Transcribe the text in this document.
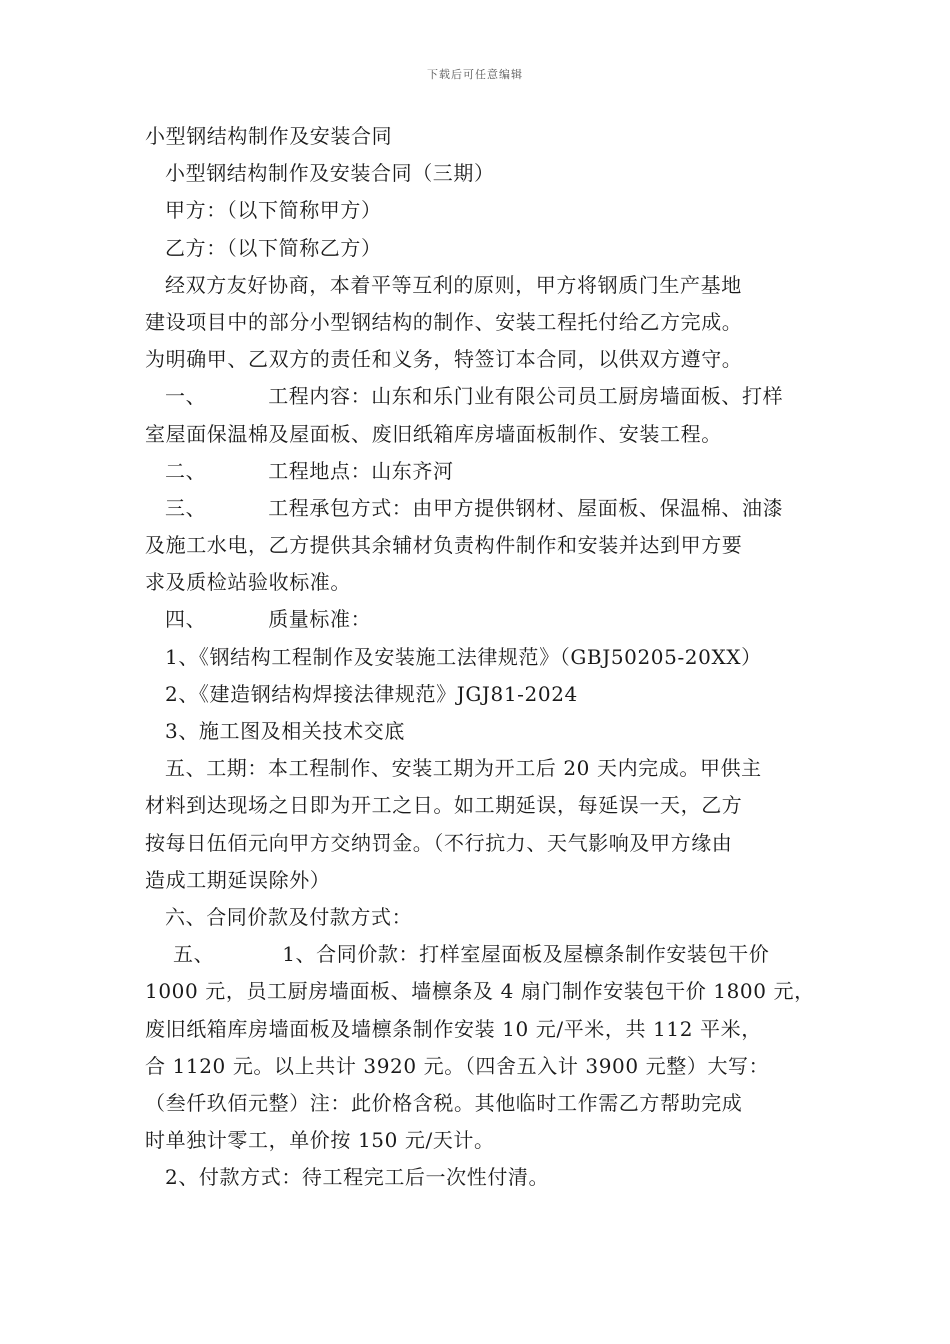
下载后可任意编辑
小型钢结构制作及安装合同
小型钢结构制作及安装合同（三期）
甲方：（以下简称甲方）
乙方：（以下简称乙方）
经双方友好协商，本着平等互利的原则，甲方将钢质门生产基地
建设项目中的部分小型钢结构的制作、安装工程托付给乙方完成。
为明确甲、乙双方的责任和义务，特签订本合同，以供双方遵守。
一、	工程内容：山东和乐门业有限公司员工厨房墙面板、打样
室屋面保温棉及屋面板、废旧纸箱库房墙面板制作、安装工程。
二、	工程地点：山东齐河
三、	工程承包方式：由甲方提供钢材、屋面板、保温棉、油漆
及施工水电，乙方提供其余辅材负责构件制作和安装并达到甲方要
求及质检站验收标准。
四、	质量标准：
1、《钢结构工程制作及安装施工法律规范》（GBJ50205-20XX）
2、《建造钢结构焊接法律规范》JGJ81-2024
3、施工图及相关技术交底
五、工期：本工程制作、安装工期为开工后 20 天内完成。甲供主
材料到达现场之日即为开工之日。如工期延误，每延误一天，乙方
按每日伍佰元向甲方交纳罚金。（不行抗力、天气影响及甲方缘由
造成工期延误除外）
六、合同价款及付款方式：
五、	1、合同价款：打样室屋面板及屋檩条制作安装包干价
1000 元，员工厨房墙面板、墙檩条及 4 扇门制作安装包干价 1800 元，
废旧纸箱库房墙面板及墙檩条制作安装 10 元/平米，共 112 平米，
合 1120 元。以上共计 3920 元。（四舍五入计 3900 元整）大写：
（叁仟玖佰元整）注：此价格含税。其他临时工作需乙方帮助完成
时单独计零工，单价按 150 元/天计。
2、付款方式：待工程完工后一次性付清。
